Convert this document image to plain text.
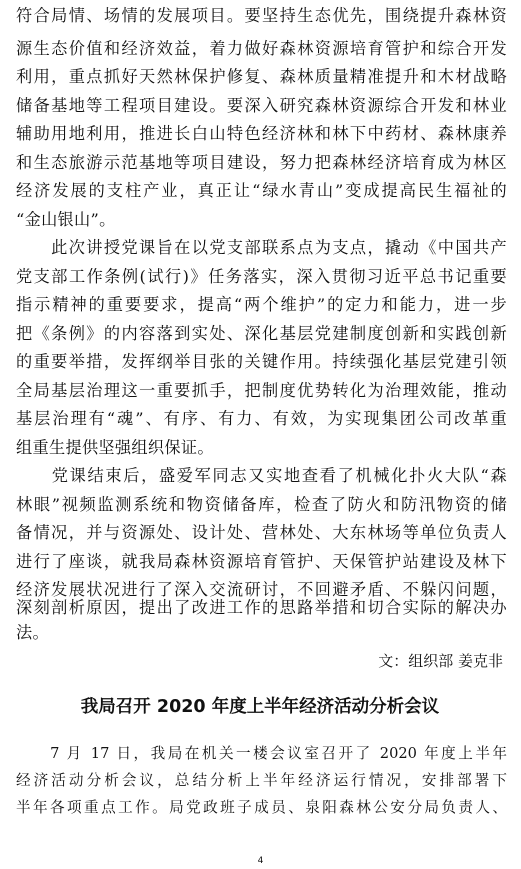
符合局情、场情的发展项目。要坚持生态优先，围绕提升森林资
源生态价值和经济效益，着力做好森林资源培育管护和综合开发
利用，重点抓好天然林保护修复、森林质量精准提升和木材战略
储备基地等工程项目建设。要深入研究森林资源综合开发和林业
辅助用地利用，推进长白山特色经济林和林下中药材、森林康养
和生态旅游示范基地等项目建设，努力把森林经济培育成为林区
经济发展的支柱产业，真正让“绿水青山”变成提高民生福祉的
“金山银山”。
　　此次讲授党课旨在以党支部联系点为支点，撬动《中国共产
党支部工作条例(试行)》任务落实，深入贯彻习近平总书记重要
指示精神的重要要求，提高“两个维护”的定力和能力，进一步
把《条例》的内容落到实处、深化基层党建制度创新和实践创新
的重要举措，发挥纲举目张的关键作用。持续强化基层党建引领
全局基层治理这一重要抓手，把制度优势转化为治理效能，推动
基层治理有“魂”、有序、有力、有效，为实现集团公司改革重
组重生提供坚强组织保证。
　　党课结束后，盛爱军同志又实地查看了机械化扑火大队“森
林眼”视频监测系统和物资储备库，检查了防火和防汛物资的储
备情况，并与资源处、设计处、营林处、大东林场等单位负责人
进行了座谈，就我局森林资源培育管护、天保管护站建设及林下
经济发展状况进行了深入交流研讨，不回避矛盾、不躲闪问题，
深刻剖析原因，提出了改进工作的思路举措和切合实际的解决办
法。
文：组织部 姜克非
我局召开 2020 年度上半年经济活动分析会议
　　7 月 17 日，我局在机关一楼会议室召开了 2020 年度上半年
经济活动分析会议，总结分析上半年经济运行情况，安排部署下
半年各项重点工作。局党政班子成员、泉阳森林公安分局负责人、
4
